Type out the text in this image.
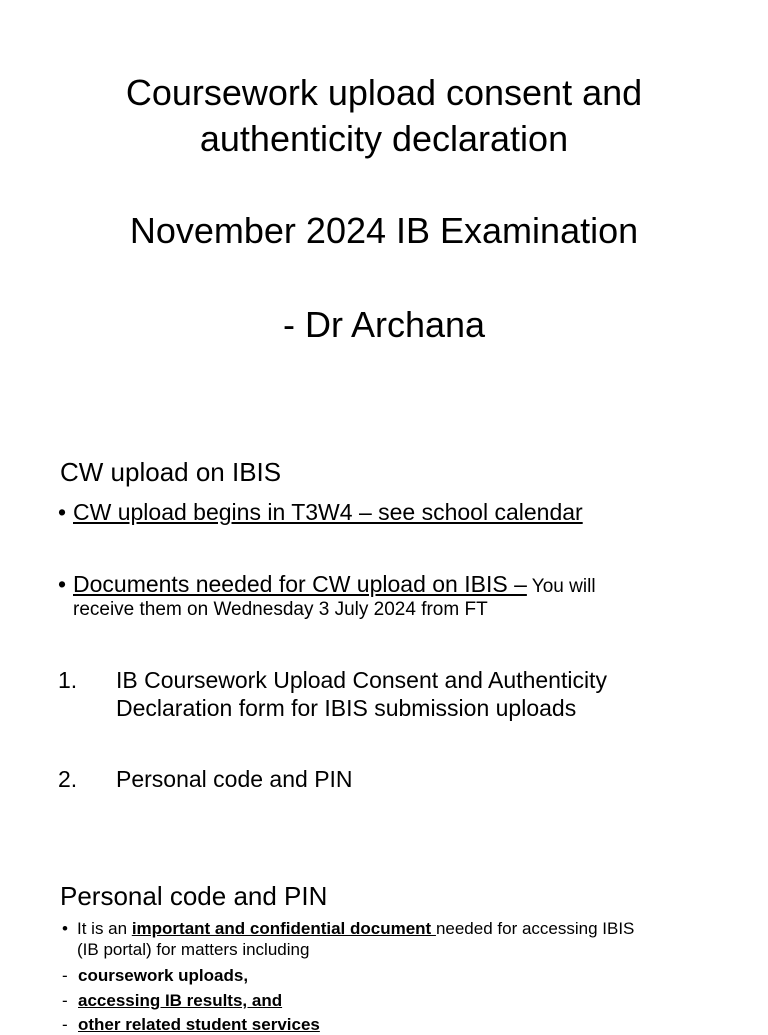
Coursework upload consent and
authenticity declaration
November 2024 IB Examination
- Dr Archana
CW upload on IBIS
• CW upload begins in T3W4 – see school calendar
• Documents needed for CW upload on IBIS – You will
receive them on Wednesday 3 July 2024 from FT
1. IB Coursework Upload Consent and Authenticity
Declaration form for IBIS submission uploads
2. Personal code and PIN
Personal code and PIN
• It is an important and confidential document needed for accessing IBIS
(IB portal) for matters including
- coursework uploads,
- accessing IB results, and
- other related student services
